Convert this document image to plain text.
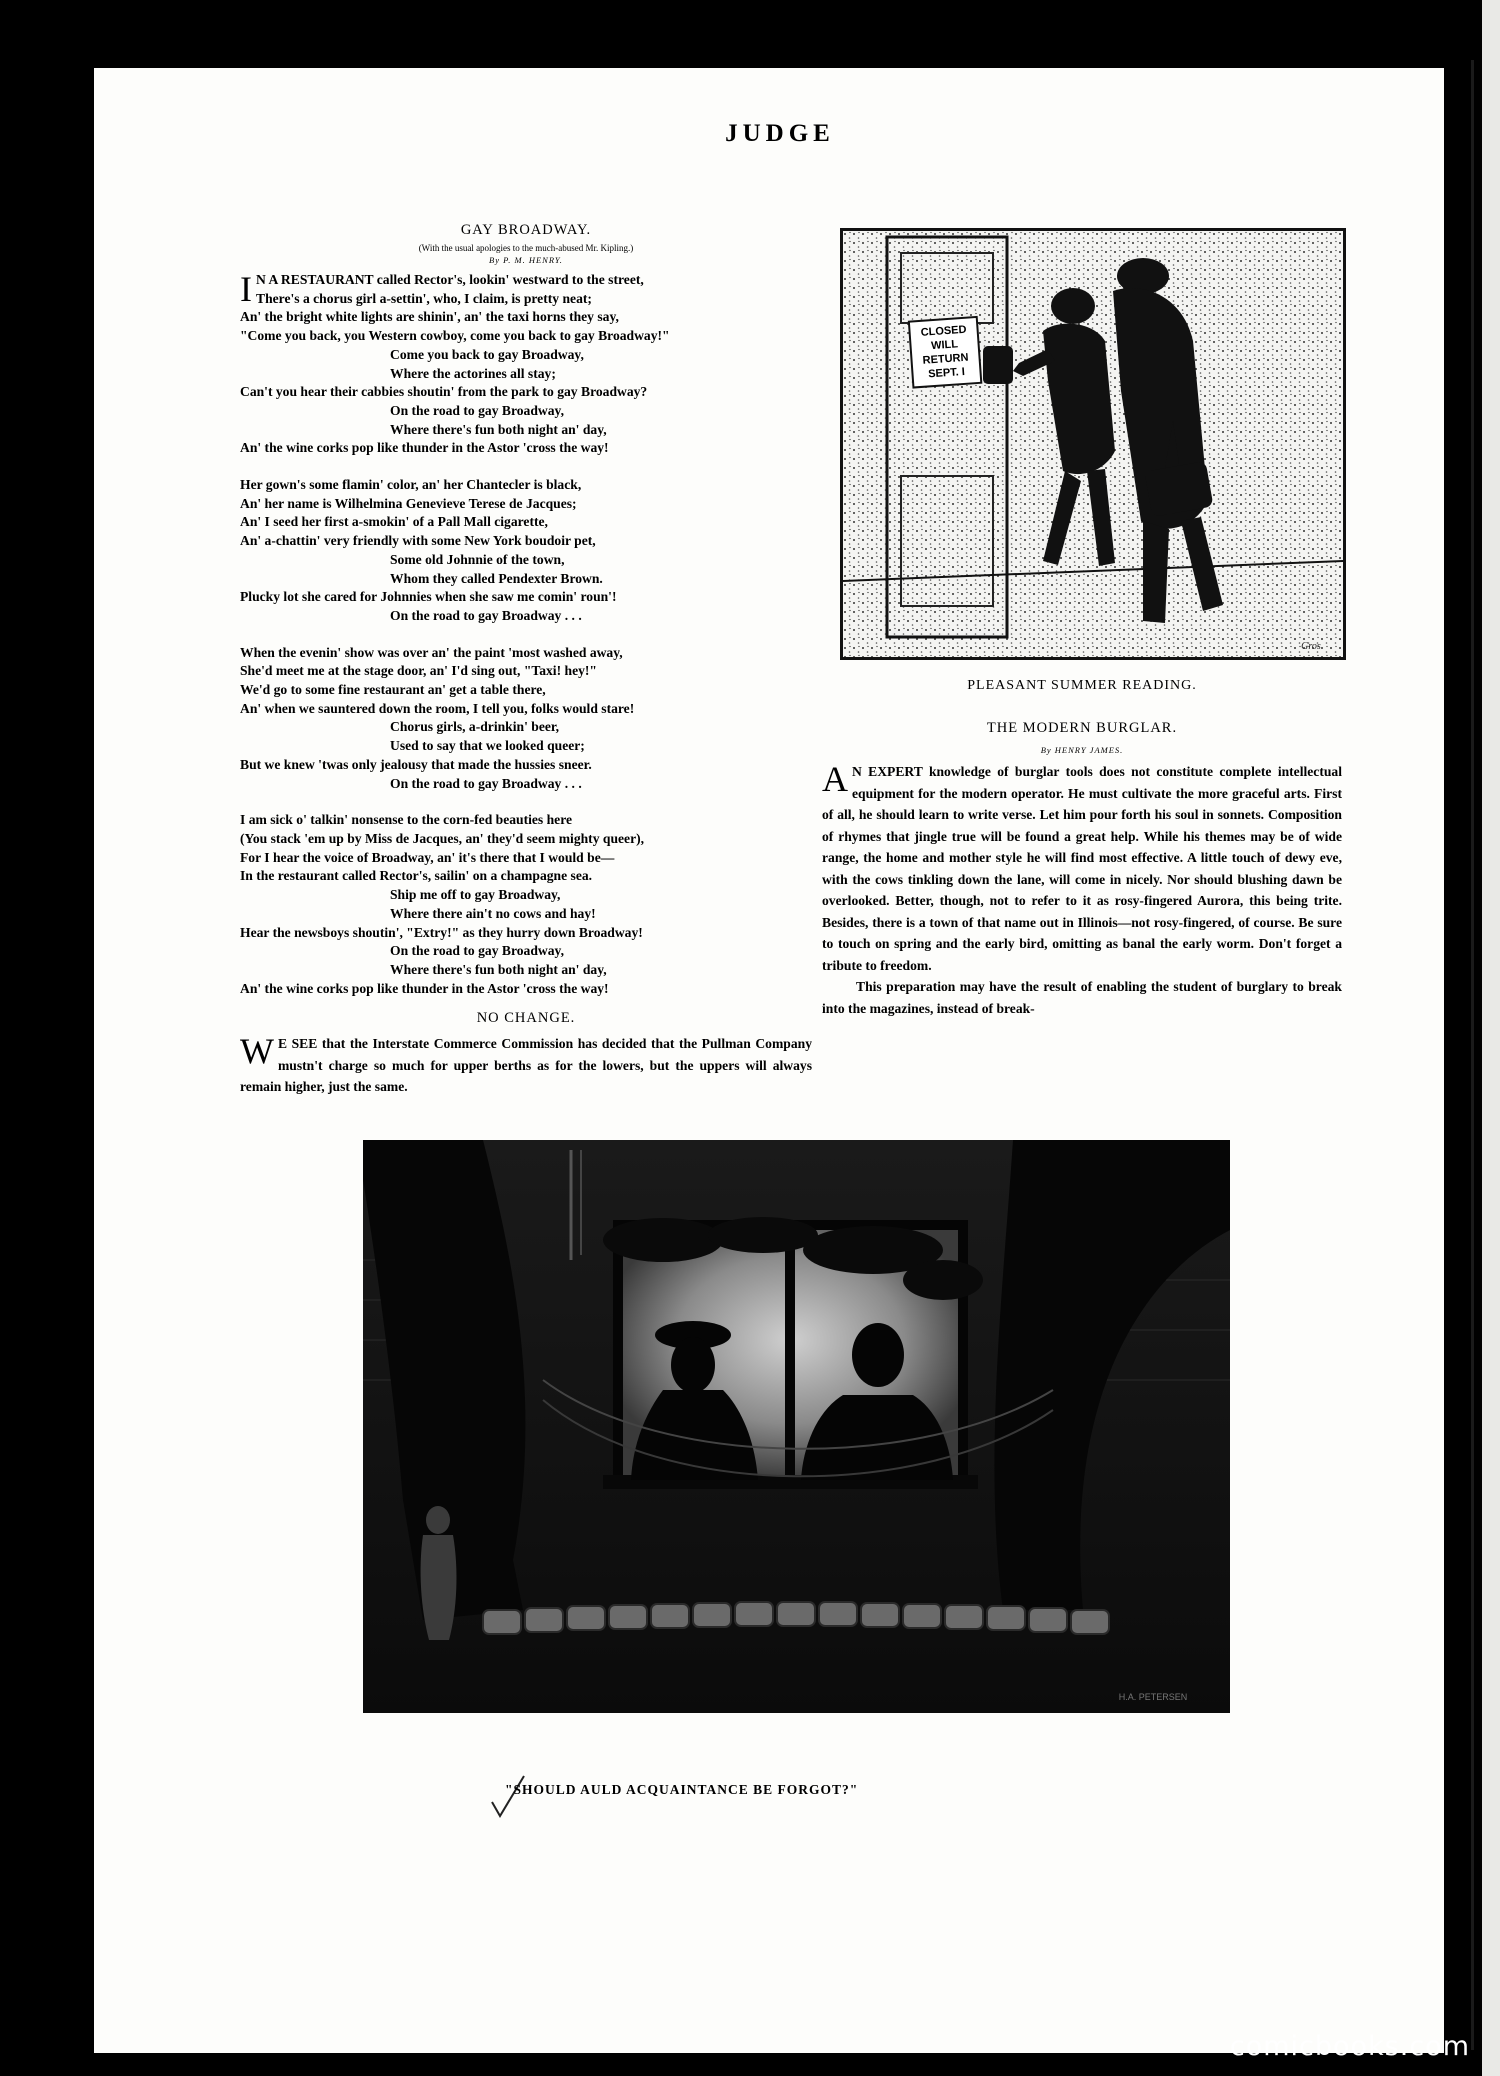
JUDGE

GAY BROADWAY.

(With the usual apologies to the much-abused Mr. Kipling.)

By P. M. HENRY.

I N A RESTAURANT called Rector's, lookin' westward to the street,
There's a chorus girl a-settin', who, I claim, is pretty neat;
An' the bright white lights are shinin', an' the taxi horns they say,
"Come you back, you Western cowboy, come you back to gay Broadway!"
Come you back to gay Broadway,
Where the actorines all stay;
Can't you hear their cabbies shoutin' from the park to gay Broadway?
On the road to gay Broadway,
Where there's fun both night an' day,
An' the wine corks pop like thunder in the Astor 'cross the way!
Her gown's some flamin' color, an' her Chantecler is black,
An' her name is Wilhelmina Genevieve Terese de Jacques;
An' I seed her first a-smokin' of a Pall Mall cigarette,
An' a-chattin' very friendly with some New York boudoir pet,
Some old Johnnie of the town,
Whom they called Pendexter Brown.
Plucky lot she cared for Johnnies when she saw me comin' roun'!
On the road to gay Broadway . . .
When the evenin' show was over an' the paint 'most washed away,
She'd meet me at the stage door, an' I'd sing out, "Taxi! hey!"
We'd go to some fine restaurant an' get a table there,
An' when we sauntered down the room, I tell you, folks would stare!
Chorus girls, a-drinkin' beer,
Used to say that we looked queer;
But we knew 'twas only jealousy that made the hussies sneer.
On the road to gay Broadway . . .
I am sick o' talkin' nonsense to the corn-fed beauties here
(You stack 'em up by Miss de Jacques, an' they'd seem mighty queer),
For I hear the voice of Broadway, an' it's there that I would be—
In the restaurant called Rector's, sailin' on a champagne sea.
Ship me off to gay Broadway,
Where there ain't no cows and hay!
Hear the newsboys shoutin', "Extry!" as they hurry down Broadway!
On the road to gay Broadway,
Where there's fun both night an' day,
An' the wine corks pop like thunder in the Astor 'cross the way!

NO CHANGE.

W E SEE that the Interstate Commerce Commission has decided that the Pullman Company mustn't charge so much for upper berths as for the lowers, but the uppers will always remain higher, just the same.

CLOSED
WILL
RETURN
SEPT. I
Gros
PLEASANT SUMMER READING.

THE MODERN BURGLAR.

By HENRY JAMES.

A N EXPERT knowledge of burglar tools does not constitute complete intellectual equipment for the modern operator. He must cultivate the more graceful arts. First of all, he should learn to write verse. Let him pour forth his soul in sonnets. Composition of rhymes that jingle true will be found a great help. While his themes may be of wide range, the home and mother style he will find most effective. A little touch of dewy eve, with the cows tinkling down the lane, will come in nicely. Nor should blushing dawn be overlooked. Better, though, not to refer to it as rosy-fingered Aurora, this being trite. Besides, there is a town of that name out in Illinois—not rosy-fingered, of course. Be sure to touch on spring and the early bird, omitting as banal the early worm. Don't forget a tribute to freedom.

This preparation may have the result of enabling the student of burglary to break into the magazines, instead of break-

H.A. PETERSEN
"SHOULD AULD ACQUAINTANCE BE FORGOT?"
comicbooks.com
